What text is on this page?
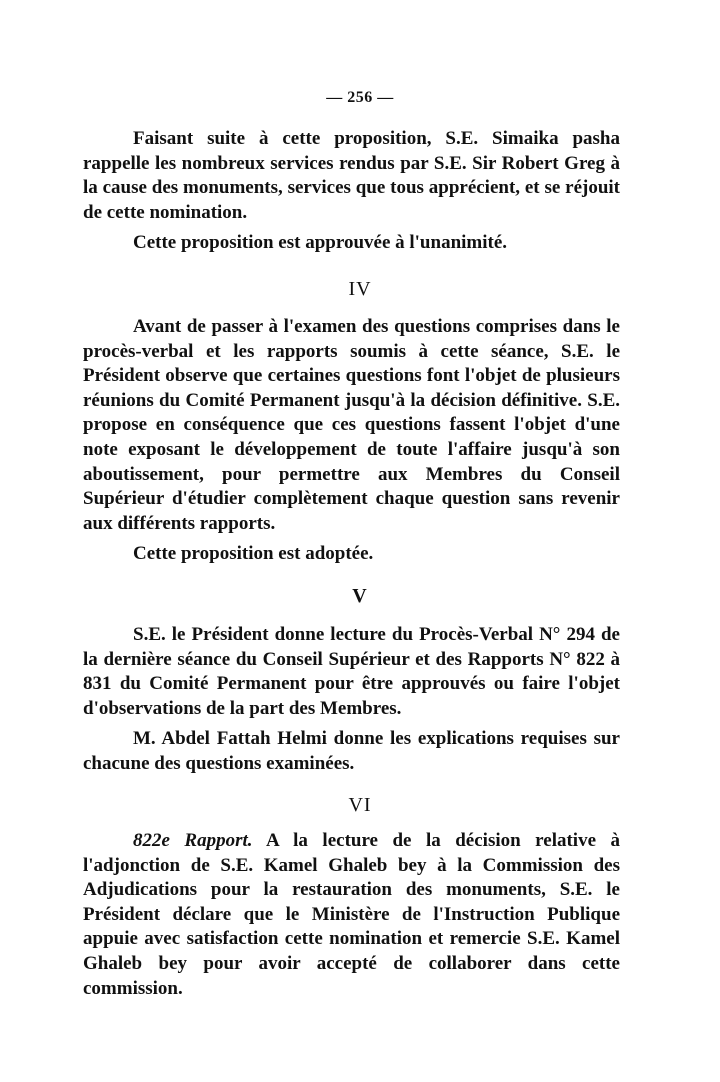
— 256 —

Faisant suite à cette proposition, S.E. Simaika pasha rappelle les nombreux services rendus par S.E. Sir Robert Greg à la cause des monuments, services que tous apprécient, et se réjouit de cette nomination.

Cette proposition est approuvée à l'unanimité.

IV

Avant de passer à l'examen des questions comprises dans le procès-verbal et les rapports soumis à cette séance, S.E. le Président observe que certaines questions font l'objet de plusieurs réunions du Comité Permanent jusqu'à la décision définitive. S.E. propose en conséquence que ces questions fassent l'objet d'une note exposant le développement de toute l'affaire jusqu'à son aboutissement, pour permettre aux Membres du Conseil Supérieur d'étudier complètement chaque question sans revenir aux différents rapports.

Cette proposition est adoptée.

V

S.E. le Président donne lecture du Procès-Verbal N° 294 de la dernière séance du Conseil Supérieur et des Rapports N° 822 à 831 du Comité Permanent pour être approuvés ou faire l'objet d'observations de la part des Membres.

M. Abdel Fattah Helmi donne les explications requises sur chacune des questions examinées.

VI

822e Rapport. A la lecture de la décision relative à l'adjonction de S.E. Kamel Ghaleb bey à la Commission des Adjudications pour la restauration des monuments, S.E. le Président déclare que le Ministère de l'Instruction Publique appuie avec satisfaction cette nomination et remercie S.E. Kamel Ghaleb bey pour avoir accepté de collaborer dans cette commission.
